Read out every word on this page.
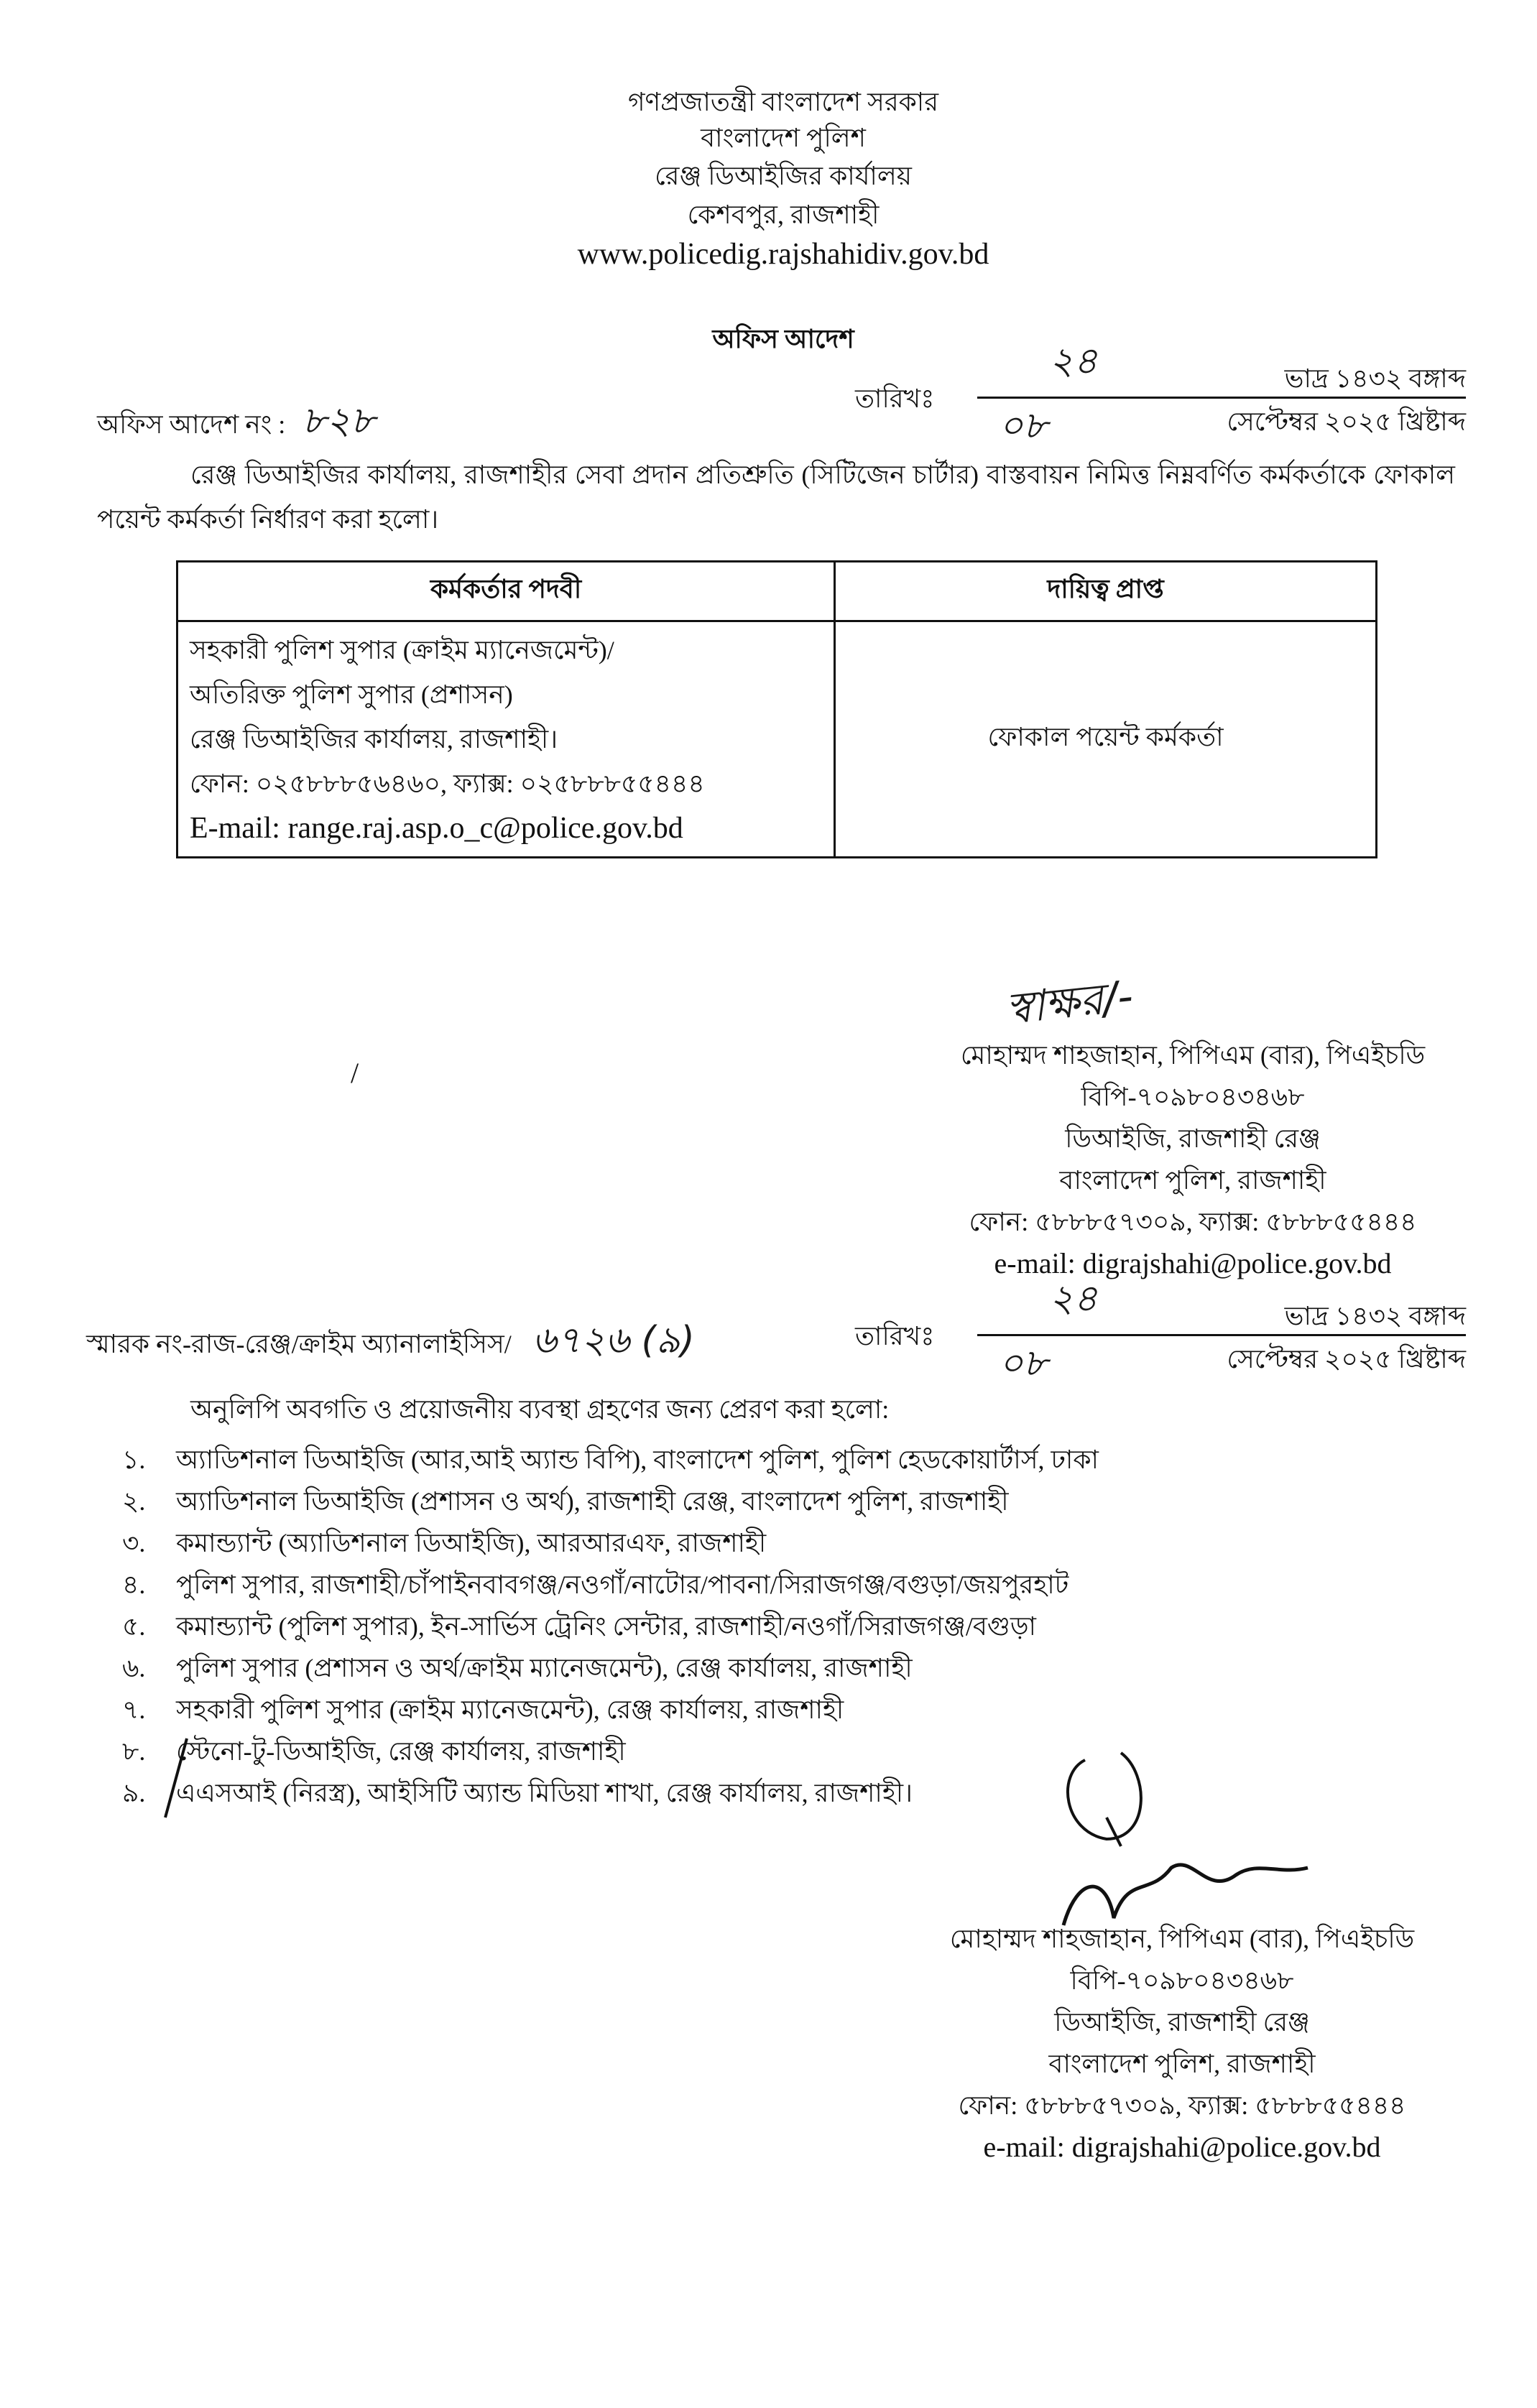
গণপ্রজাতন্ত্রী বাংলাদেশ সরকার
বাংলাদেশ পুলিশ
রেঞ্জ ডিআইজির কার্যালয়
কেশবপুর, রাজশাহী
www.policedig.rajshahidiv.gov.bd
অফিস আদেশ
অফিস আদেশ নং : ৮২৮
তারিখঃ
২৪	ভাদ্র ১৪৩২ বঙ্গাব্দ
০৮	সেপ্টেম্বর ২০২৫ খ্রিষ্টাব্দ
রেঞ্জ ডিআইজির কার্যালয়, রাজশাহীর সেবা প্রদান প্রতিশ্রুতি (সিটিজেন চার্টার) বাস্তবায়ন নিমিত্ত নিম্নবর্ণিত কর্মকর্তাকে ফোকাল পয়েন্ট কর্মকর্তা নির্ধারণ করা হলো।
কর্মকর্তার পদবী	দায়িত্ব প্রাপ্ত

সহকারী পুলিশ সুপার (ক্রাইম ম্যানেজমেন্ট)/
অতিরিক্ত পুলিশ সুপার (প্রশাসন)
রেঞ্জ ডিআইজির কার্যালয়, রাজশাহী।
ফোন: ০২৫৮৮৮৫৬৪৬০, ফ্যাক্স: ০২৫৮৮৮৫৫৪৪৪
E-mail: range.raj.asp.o_c@police.gov.bd	ফোকাল পয়েন্ট কর্মকর্তা
স্বাক্ষর/-
/
মোহাম্মদ শাহজাহান, পিপিএম (বার), পিএইচডি
বিপি-৭০৯৮০৪৩৪৬৮
ডিআইজি, রাজশাহী রেঞ্জ
বাংলাদেশ পুলিশ, রাজশাহী
ফোন: ৫৮৮৮৫৭৩০৯, ফ্যাক্স: ৫৮৮৮৫৫৪৪৪
e-mail: digrajshahi@police.gov.bd
স্মারক নং-রাজ-রেঞ্জ/ক্রাইম অ্যানালাইসিস/ ৬৭২৬ (৯)	তারিখঃ
২৪	ভাদ্র ১৪৩২ বঙ্গাব্দ
০৮	সেপ্টেম্বর ২০২৫ খ্রিষ্টাব্দ
অনুলিপি অবগতি ও প্রয়োজনীয় ব্যবস্থা গ্রহণের জন্য প্রেরণ করা হলো:
১. অ্যাডিশনাল ডিআইজি (আর,আই অ্যান্ড বিপি), বাংলাদেশ পুলিশ, পুলিশ হেডকোয়ার্টার্স, ঢাকা
২. অ্যাডিশনাল ডিআইজি (প্রশাসন ও অর্থ), রাজশাহী রেঞ্জ, বাংলাদেশ পুলিশ, রাজশাহী
৩. কমান্ড্যান্ট (অ্যাডিশনাল ডিআইজি), আরআরএফ, রাজশাহী
৪. পুলিশ সুপার, রাজশাহী/চাঁপাইনবাবগঞ্জ/নওগাঁ/নাটোর/পাবনা/সিরাজগঞ্জ/বগুড়া/জয়পুরহাট
৫. কমান্ড্যান্ট (পুলিশ সুপার), ইন-সার্ভিস ট্রেনিং সেন্টার, রাজশাহী/নওগাঁ/সিরাজগঞ্জ/বগুড়া
৬. পুলিশ সুপার (প্রশাসন ও অর্থ/ক্রাইম ম্যানেজমেন্ট), রেঞ্জ কার্যালয়, রাজশাহী
৭. সহকারী পুলিশ সুপার (ক্রাইম ম্যানেজমেন্ট), রেঞ্জ কার্যালয়, রাজশাহী
৮. স্টেনো-টু-ডিআইজি, রেঞ্জ কার্যালয়, রাজশাহী
৯. এএসআই (নিরস্ত্র), আইসিটি অ্যান্ড মিডিয়া শাখা, রেঞ্জ কার্যালয়, রাজশাহী।
মোহাম্মদ শাহজাহান, পিপিএম (বার), পিএইচডি
বিপি-৭০৯৮০৪৩৪৬৮
ডিআইজি, রাজশাহী রেঞ্জ
বাংলাদেশ পুলিশ, রাজশাহী
ফোন: ৫৮৮৮৫৭৩০৯, ফ্যাক্স: ৫৮৮৮৫৫৪৪৪
e-mail: digrajshahi@police.gov.bd
